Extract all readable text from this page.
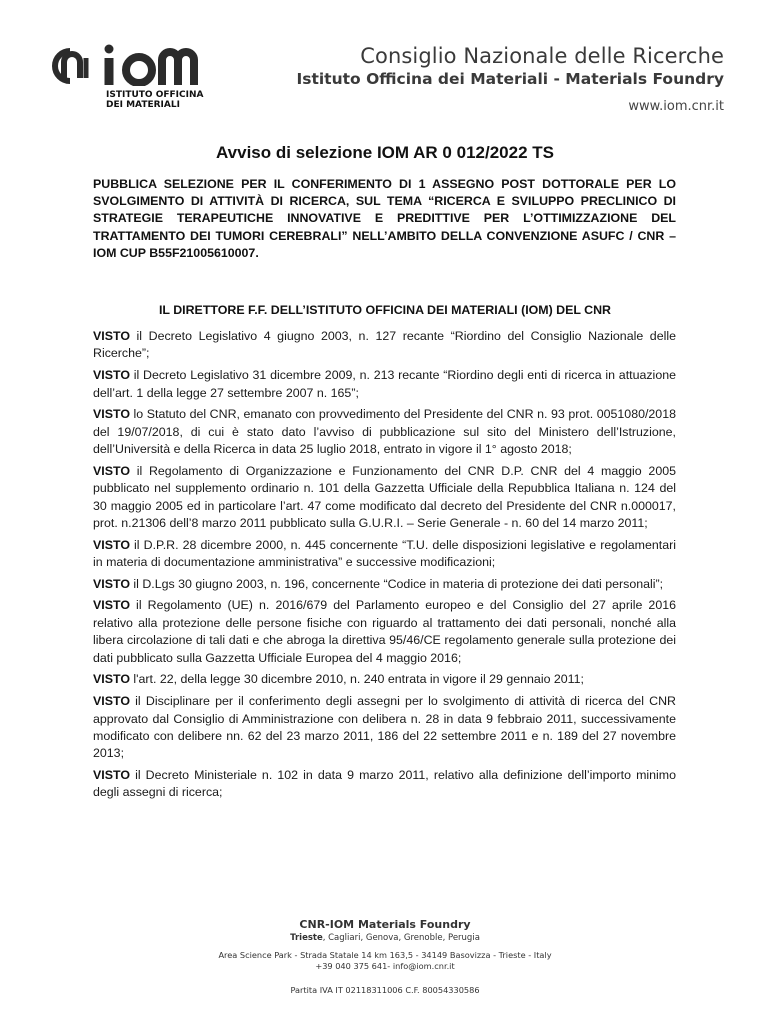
ISTITUTO OFFICINA
DEI MATERIALI
Consiglio Nazionale delle Ricerche
Istituto Officina dei Materiali - Materials Foundry
www.iom.cnr.it
Avviso di selezione IOM AR 0 012/2022 TS
PUBBLICA SELEZIONE PER IL CONFERIMENTO DI 1 ASSEGNO POST DOTTORALE PER LO SVOLGIMENTO DI ATTIVITÀ DI RICERCA, SUL TEMA “RICERCA E SVILUPPO PRECLINICO DI STRATEGIE TERAPEUTICHE INNOVATIVE E PREDITTIVE PER L’OTTIMIZZAZIONE DEL TRATTAMENTO DEI TUMORI CEREBRALI” NELL’AMBITO DELLA CONVENZIONE ASUFC / CNR –IOM CUP B55F21005610007.
IL DIRETTORE F.F. DELL’ISTITUTO OFFICINA DEI MATERIALI (IOM) DEL CNR

VISTO il Decreto Legislativo 4 giugno 2003, n. 127 recante “Riordino del Consiglio Nazionale delle Ricerche”;

VISTO il Decreto Legislativo 31 dicembre 2009, n. 213 recante “Riordino degli enti di ricerca in attuazione dell’art. 1 della legge 27 settembre 2007 n. 165”;

VISTO lo Statuto del CNR, emanato con provvedimento del Presidente del CNR n. 93 prot. 0051080/2018 del 19/07/2018, di cui è stato dato l’avviso di pubblicazione sul sito del Ministero dell’Istruzione, dell’Università e della Ricerca in data 25 luglio 2018, entrato in vigore il 1° agosto 2018;

VISTO il Regolamento di Organizzazione e Funzionamento del CNR D.P. CNR del 4 maggio 2005 pubblicato nel supplemento ordinario n. 101 della Gazzetta Ufficiale della Repubblica Italiana n. 124 del 30 maggio 2005 ed in particolare l’art. 47 come modificato dal decreto del Presidente del CNR n.000017, prot. n.21306 dell’8 marzo 2011 pubblicato sulla G.U.R.I. – Serie Generale - n. 60 del 14 marzo 2011;

VISTO il D.P.R. 28 dicembre 2000, n. 445 concernente “T.U. delle disposizioni legislative e regolamentari in materia di documentazione amministrativa” e successive modificazioni;

VISTO il D.Lgs 30 giugno 2003, n. 196, concernente “Codice in materia di protezione dei dati personali”;

VISTO il Regolamento (UE) n. 2016/679 del Parlamento europeo e del Consiglio del 27 aprile 2016 relativo alla protezione delle persone fisiche con riguardo al trattamento dei dati personali, nonché alla libera circolazione di tali dati e che abroga la direttiva 95/46/CE regolamento generale sulla protezione dei dati pubblicato sulla Gazzetta Ufficiale Europea del 4 maggio 2016;

VISTO l'art. 22, della legge 30 dicembre 2010, n. 240 entrata in vigore il 29 gennaio 2011;

VISTO il Disciplinare per il conferimento degli assegni per lo svolgimento di attività di ricerca del CNR approvato dal Consiglio di Amministrazione con delibera n. 28 in data 9 febbraio 2011, successivamente modificato con delibere nn. 62 del 23 marzo 2011, 186 del 22 settembre 2011 e n. 189 del 27 novembre 2013;

VISTO il Decreto Ministeriale n. 102 in data 9 marzo 2011, relativo alla definizione dell’importo minimo degli assegni di ricerca;

CNR-IOM Materials Foundry
Trieste, Cagliari, Genova, Grenoble, Perugia
Area Science Park - Strada Statale 14 km 163,5 - 34149 Basovizza - Trieste - Italy
+39 040 375 641- info@iom.cnr.it
Partita IVA IT 02118311006 C.F. 80054330586
